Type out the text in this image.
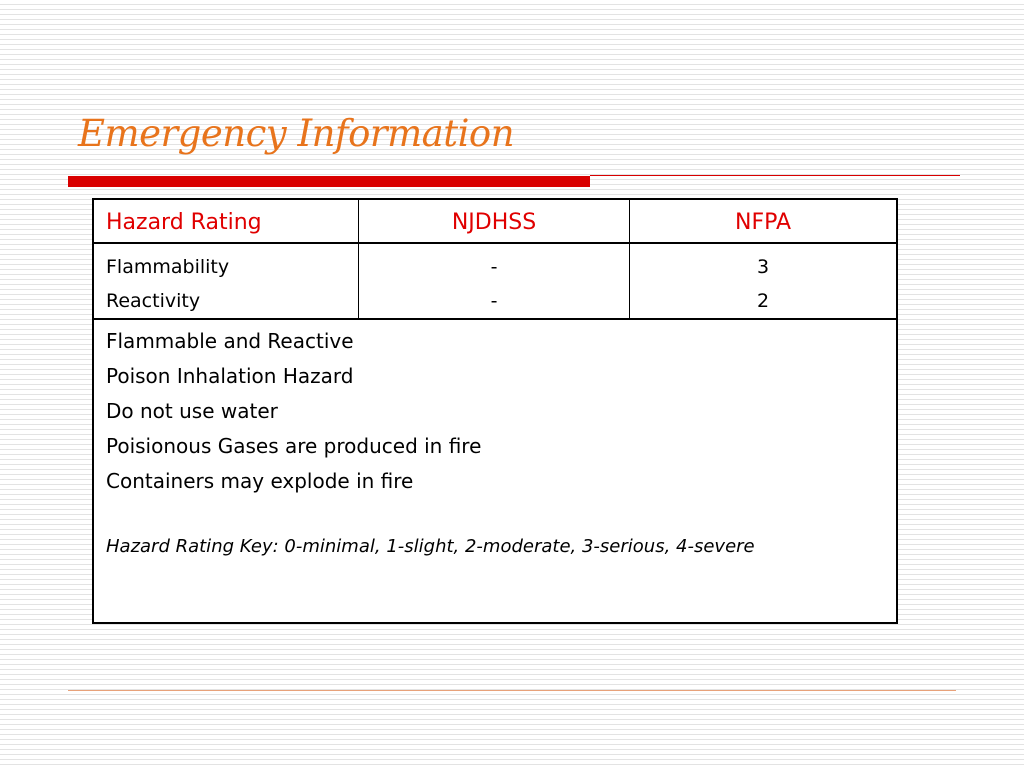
Emergency Information
Hazard Rating	NJDHSS	NFPA
Flammability
Reactivity
-
-
3
2
Flammable and Reactive
Poison Inhalation Hazard
Do not use water
Poisionous Gases are produced in fire
Containers may explode in fire
Hazard Rating Key: 0-minimal, 1-slight, 2-moderate, 3-serious, 4-severe
